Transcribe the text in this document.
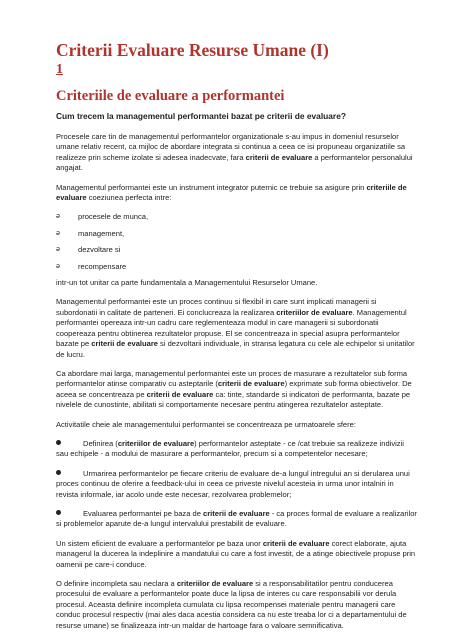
Criterii Evaluare Resurse Umane (I)
1
Criteriile de evaluare a performantei
Cum trecem la managementul performantei bazat pe criterii de evaluare?

Procesele care tin de managementul performantelor organizationale s-au impus in domeniul resurselor umane relativ recent, ca mijloc de abordare integrata si continua a ceea ce isi propuneau organizatiile sa realizeze prin scheme izolate si adesea inadecvate, fara criterii de evaluare a performantelor personalului angajat.

Managementul performantei este un instrument integrator puternic ce trebuie sa asigure prin criteriile de evaluare coeziunea perfecta intre:

ə	procesele de munca,
ə	management,
ə	dezvoltare si
ə	recompensare

intr-un tot unitar ca parte fundamentala a Managementului Resurselor Umane.

Managementul performantei este un proces continuu si flexibil in care sunt implicati managerii si subordonatii in calitate de parteneri. Ei conclucreaza la realizarea criteriilor de evaluare. Managementul performantei opereaza intr-un cadru care reglementeaza modul in care managerii si subordonatii coopereaza pentru obtinerea rezultatelor propuse. El se concentreaza in special asupra performantelor bazate pe criterii de evaluare si dezvoltarii individuale, in stransa legatura cu cele ale echipelor si unitatilor de lucru.

Ca abordare mai larga, managementul performantei este un proces de masurare a rezultatelor sub forma performantelor atinse comparativ cu asteptarile (criterii de evaluare) exprimate sub forma obiectivelor. De aceea se concentreaza pe criterii de evaluare ca: tinte, standarde si indicatori de performanta, bazate pe nivelele de cunostinte, abilitati si comportamente necesare pentru atingerea rezultatelor asteptate.

Activitatile cheie ale managementului performantei se concentreaza pe urmatoarele sfere:

Definirea (criteriilor de evaluare) performantelor asteptate - ce /cat trebuie sa realizeze indivizii sau echipele - a modului de masurare a performantelor, precum si a competentelor necesare;

Urmarirea performantelor pe fiecare criteriu de evaluare de-a lungul intregului an si derularea unui proces continuu de oferire a feedback-ului in ceea ce priveste nivelul acesteia in urma unor intalniri in revista informale, iar acolo unde este necesar, rezolvarea problemelor;

Evaluarea performantei pe baza de criterii de evaluare - ca proces formal de evaluare a realizarilor si problemelor aparute de-a lungul intervalului prestabilit de evaluare.

Un sistem eficient de evaluare a performantelor pe baza unor criterii de evaluare corect elaborate, ajuta managerul la ducerea la indeplinire a mandatului cu care a fost investit, de a atinge obiectivele propuse prin oamenii pe care-i conduce.

O definire incompleta sau neclara a criteriilor de evaluare si a responsabilitatilor pentru conducerea procesului de evaluare a performantelor poate duce la lipsa de interes cu care responsabilii vor derula procesul. Aceasta definire incompleta cumulata cu lipsa recompensei materiale pentru managerii care conduc procesul respectiv (mai ales daca acestia considera ca nu este treaba lor ci a departamentului de resurse umane) se finalizeaza intr-un maldar de hartoage fara o valoare semnificativa.
